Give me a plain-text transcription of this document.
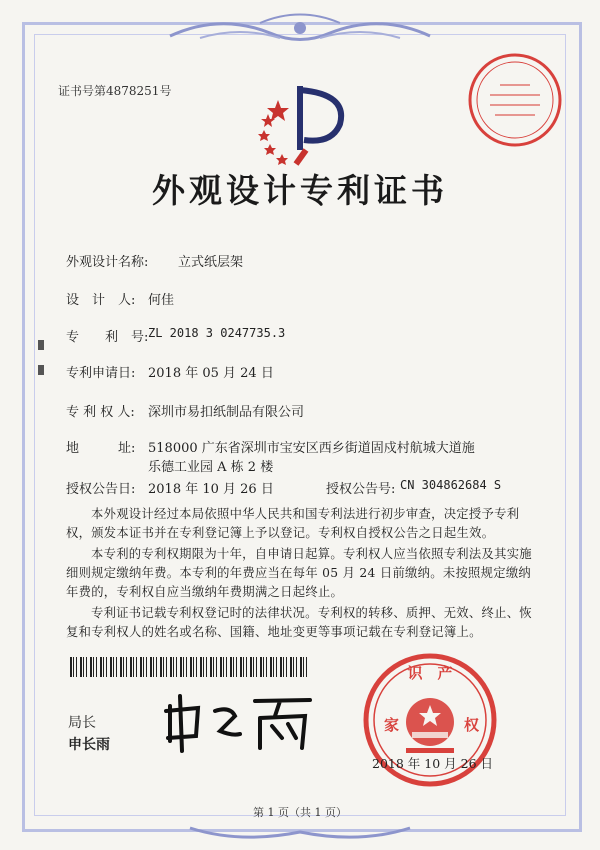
证书号第4878251号
外观设计专利证书
外观设计名称: 立式纸层架
设　计　人: 何佳
专　　利　号: ZL 2018 3 0247735.3
专利申请日: 2018 年 05 月 24 日
专 利 权 人: 深圳市易扣纸制品有限公司
地　　　址: 518000 广东省深圳市宝安区西乡街道固戍村航城大道施
乐德工业园 A 栋 2 楼
授权公告日: 2018 年 10 月 26 日	授权公告号: CN 304862684 S
本外观设计经过本局依照中华人民共和国专利法进行初步审查，决定授予专利权，颁发本证书并在专利登记簿上予以登记。专利权自授权公告之日起生效。
本专利的专利权期限为十年，自申请日起算。专利权人应当依照专利法及其实施细则规定缴纳年费。本专利的年费应当在每年 05 月 24 日前缴纳。未按照规定缴纳年费的，专利权自应当缴纳年费期满之日起终止。
专利证书记载专利权登记时的法律状况。专利权的转移、质押、无效、终止、恢复和专利权人的姓名或名称、国籍、地址变更等事项记载在专利登记簿上。
局长
申长雨
识　产
家	权
2018 年 10 月 26 日
第 1 页（共 1 页）
